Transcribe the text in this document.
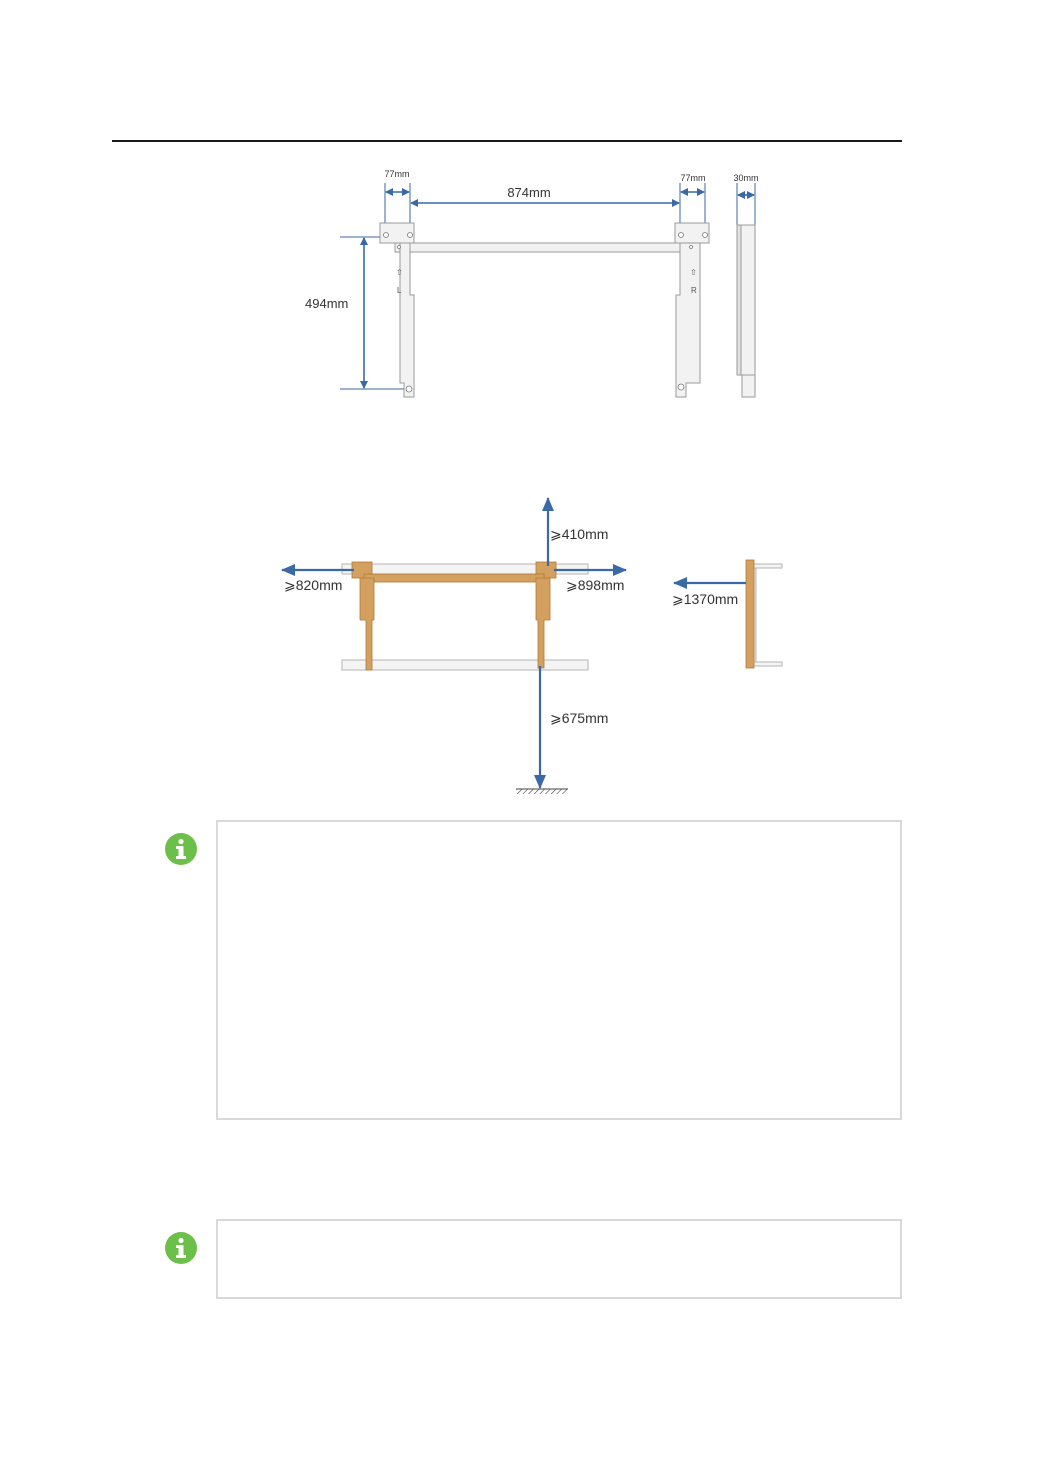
⇧	⇧
L	R
77mm
874mm
77mm	30mm
494mm
⩾410mm
⩾820mm	⩾898mm
⩾675mm
⩾1370mm
